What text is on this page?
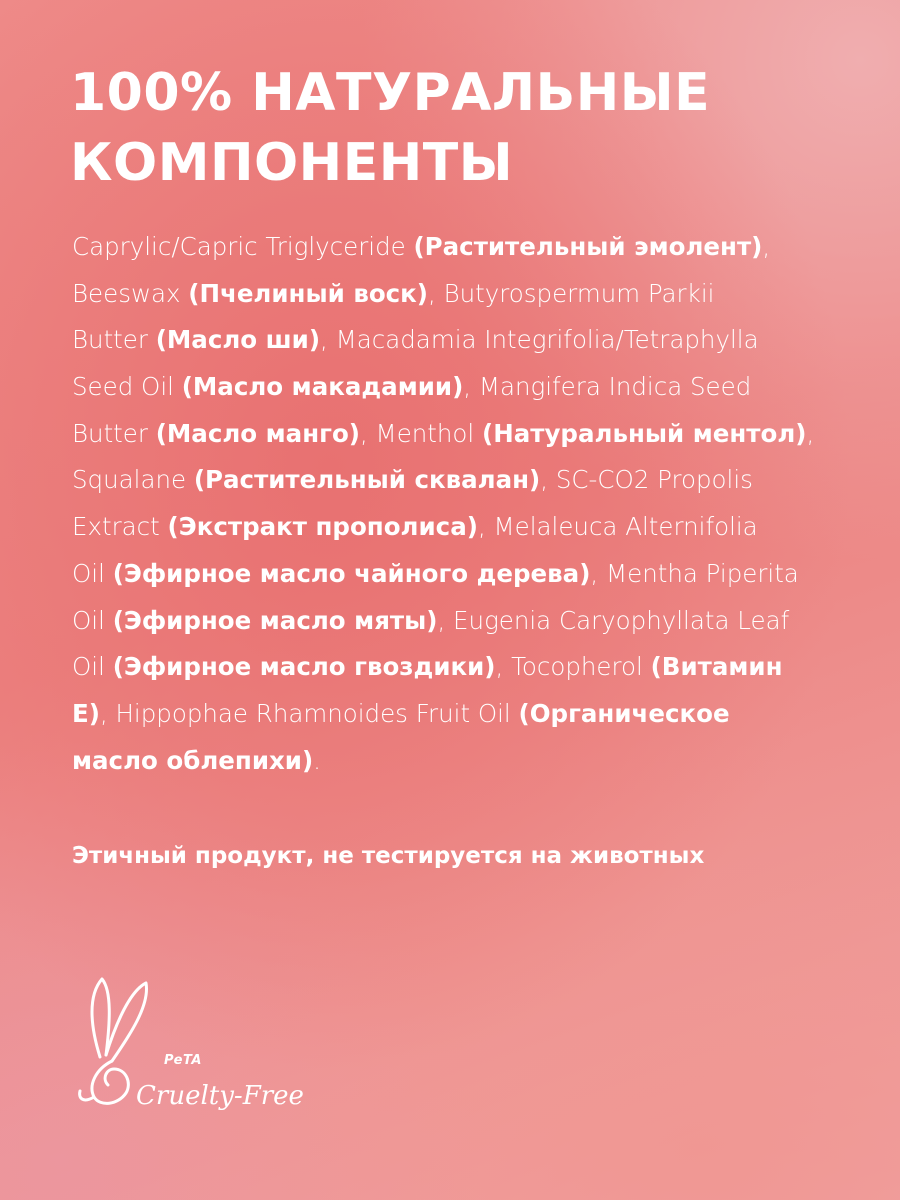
100% НАТУРАЛЬНЫЕ
КОМПОНЕНТЫ
Caprylic/Capric Triglyceride (Растительный эмолент),
Beeswax (Пчелиный воск), Butyrospermum Parkii
Butter (Масло ши), Macadamia Integrifolia/Tetraphylla
Seed Oil (Масло макадамии), Mangifera Indica Seed
Butter (Масло манго), Menthol (Натуральный ментол),
Squalane (Растительный сквалан), SC-CO2 Propolis
Extract (Экстракт прополиса), Melaleuca Alternifolia
Oil (Эфирное масло чайного дерева), Mentha Piperita
Oil (Эфирное масло мяты), Eugenia Caryophyllata Leaf
Oil (Эфирное масло гвоздики), Tocopherol (Витамин
E), Hippophae Rhamnoides Fruit Oil (Органическое
масло облепихи).
Этичный продукт, не тестируется на животных
PeTA
Cruelty-Free
